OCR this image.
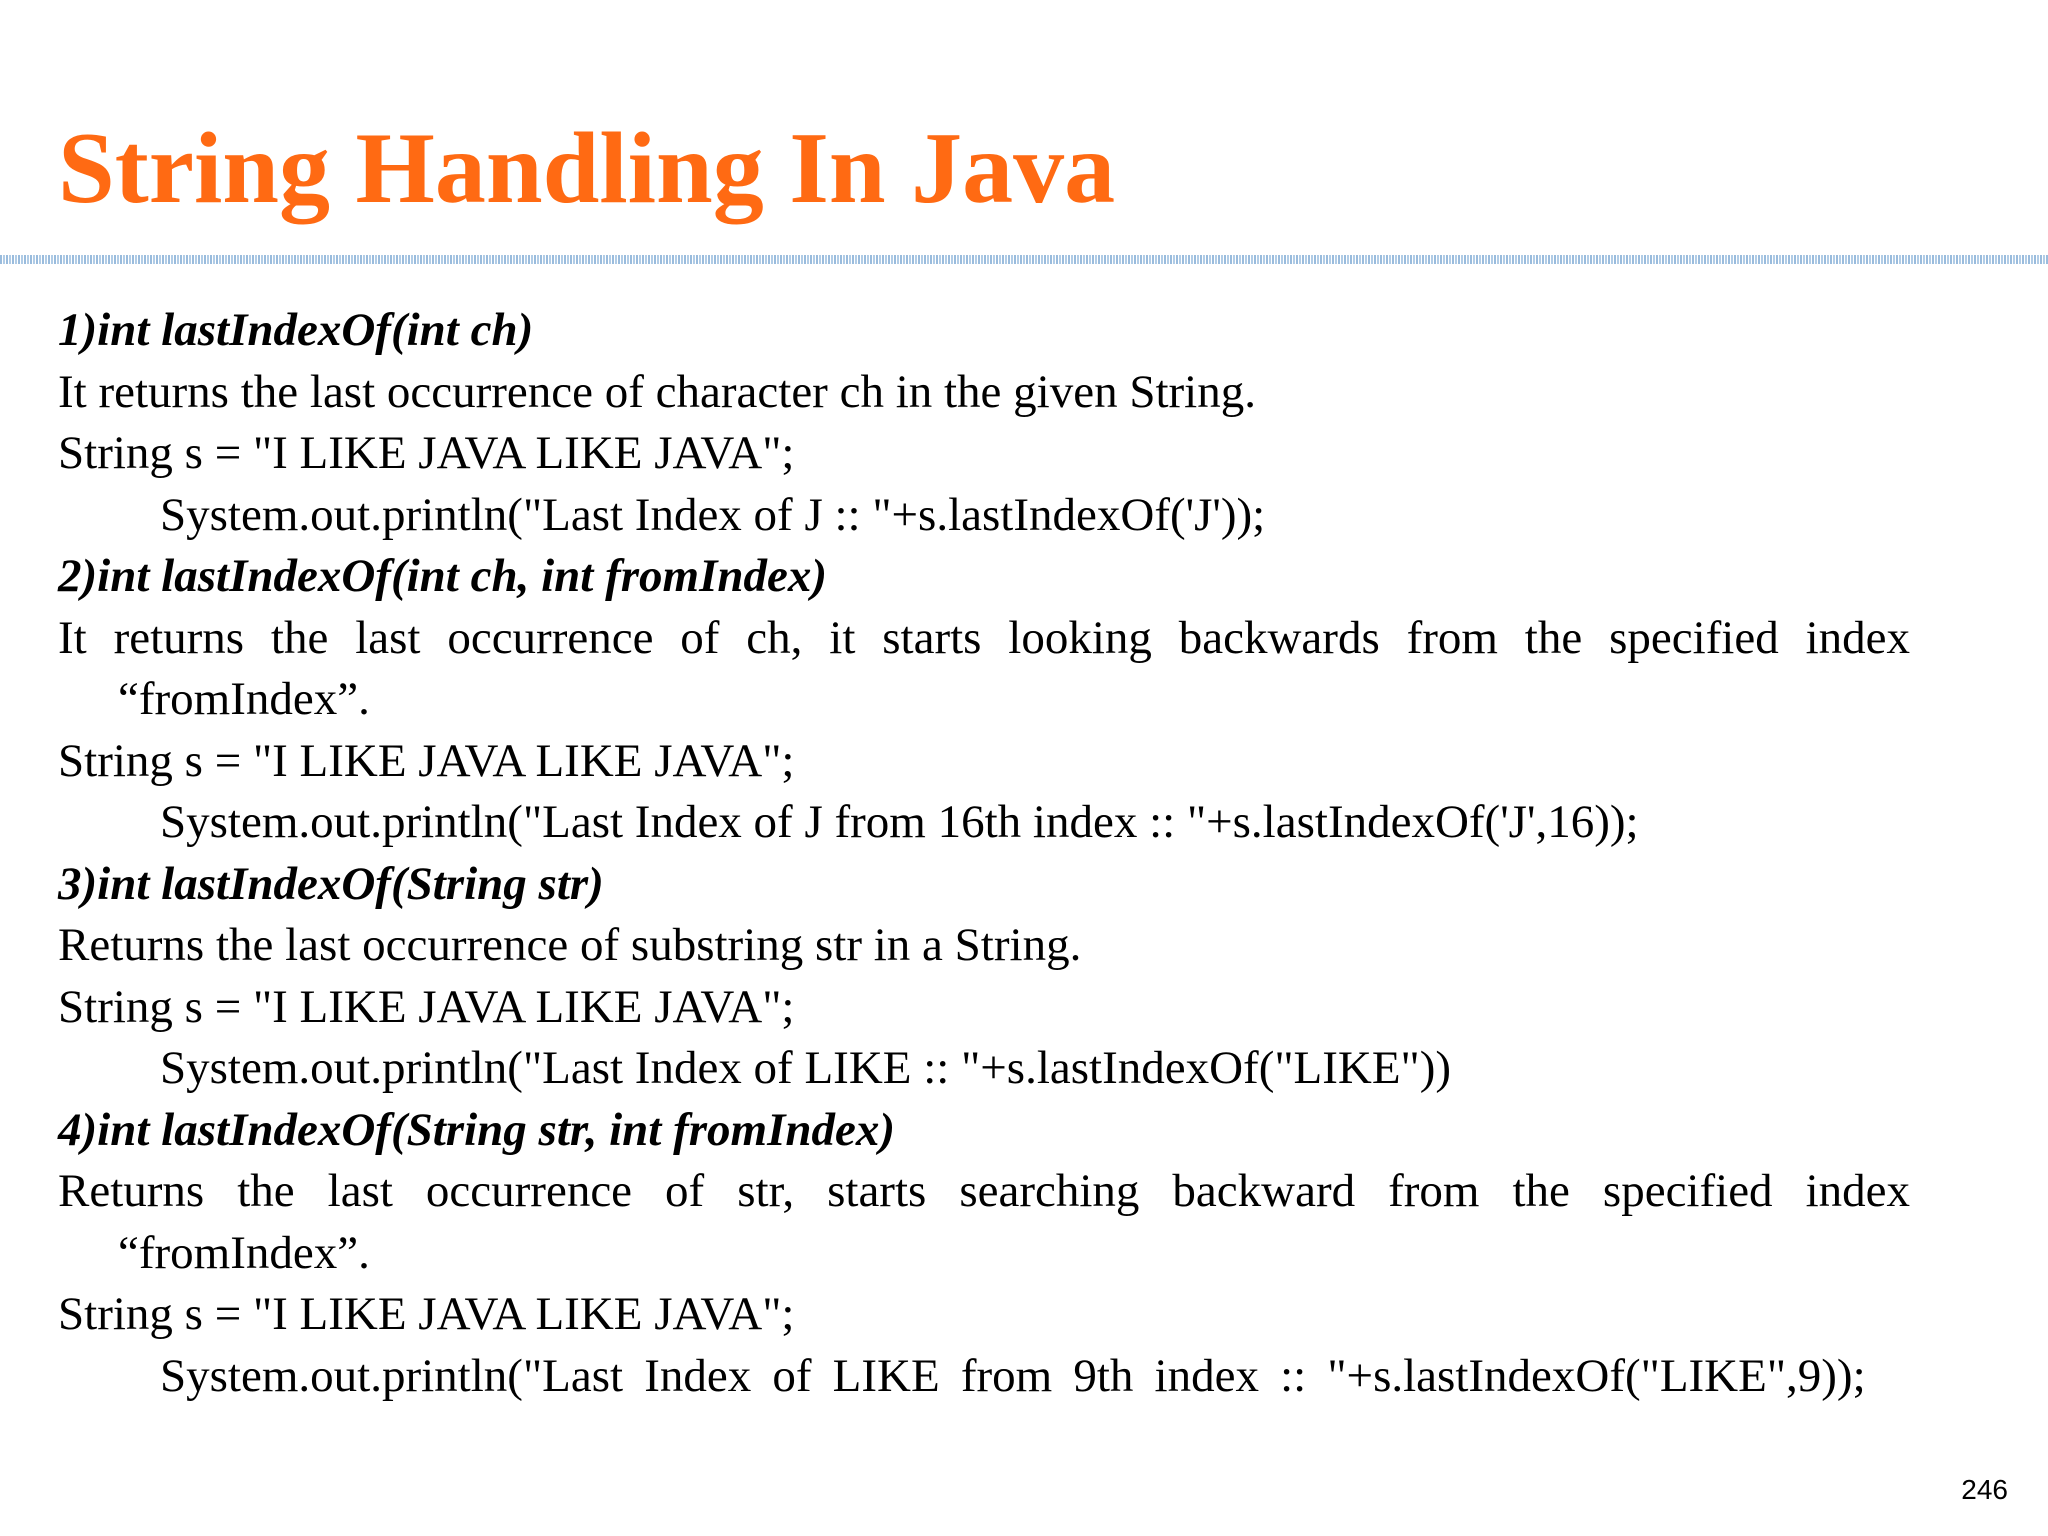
String Handling In Java

1)int lastIndexOf(int ch)

It returns the last occurrence of character ch in the given String.

String s = "I LIKE JAVA LIKE JAVA";

System.out.println("Last Index of J :: "+s.lastIndexOf('J'));

2)int lastIndexOf(int ch, int fromIndex)

It returns the last occurrence of ch, it starts looking backwards from the specified index “fromIndex”.

String s = "I LIKE JAVA LIKE JAVA";

System.out.println("Last Index of J from 16th index :: "+s.lastIndexOf('J',16));

3)int lastIndexOf(String str)

Returns the last occurrence of substring str in a String.

String s = "I LIKE JAVA LIKE JAVA";

System.out.println("Last Index of LIKE :: "+s.lastIndexOf("LIKE"))

4)int lastIndexOf(String str, int fromIndex)

Returns the last occurrence of str, starts searching backward from the specified index “fromIndex”.

String s = "I LIKE JAVA LIKE JAVA";

System.out.println("Last Index of LIKE from 9th index :: "+s.lastIndexOf("LIKE",9));

246
